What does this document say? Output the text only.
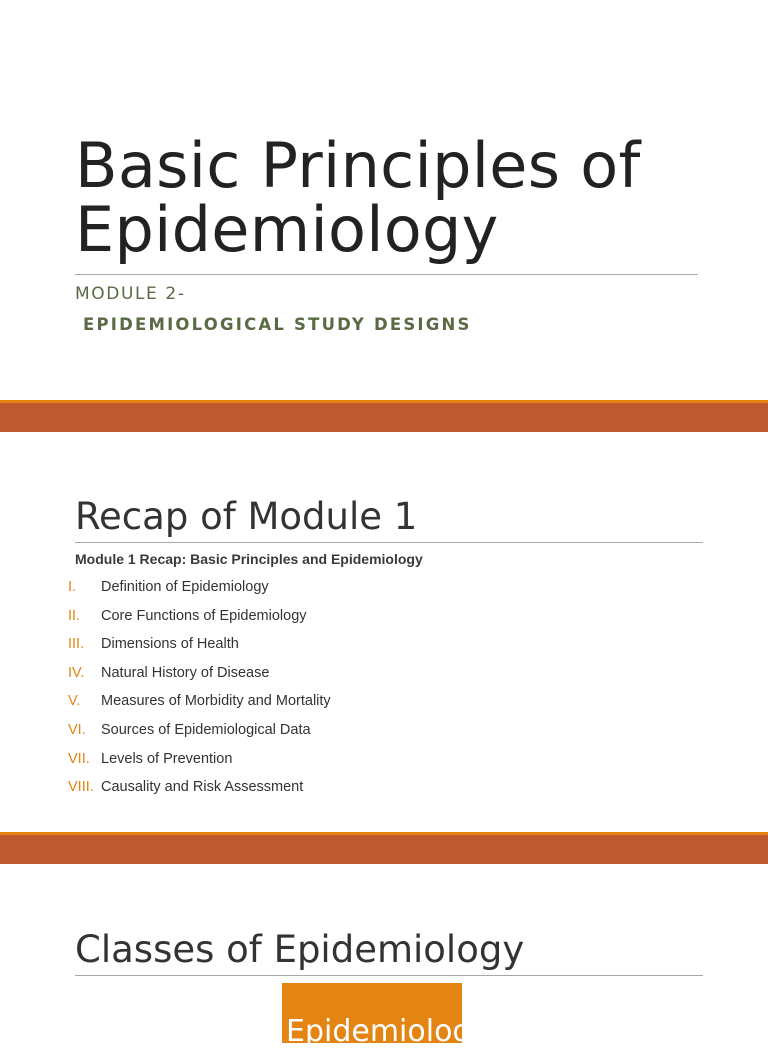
Basic Principles of Epidemiology
MODULE 2-
EPIDEMIOLOGICAL STUDY DESIGNS
Recap of Module 1
Module 1 Recap: Basic Principles and Epidemiology
I.	Definition of Epidemiology
II.	Core Functions of Epidemiology
III.	Dimensions of Health
IV.	Natural History of Disease
V.	Measures of Morbidity and Mortality
VI.	Sources of Epidemiological Data
VII. Levels of Prevention
VIII. Causality and Risk Assessment
Classes of Epidemiology
Epidemiology
